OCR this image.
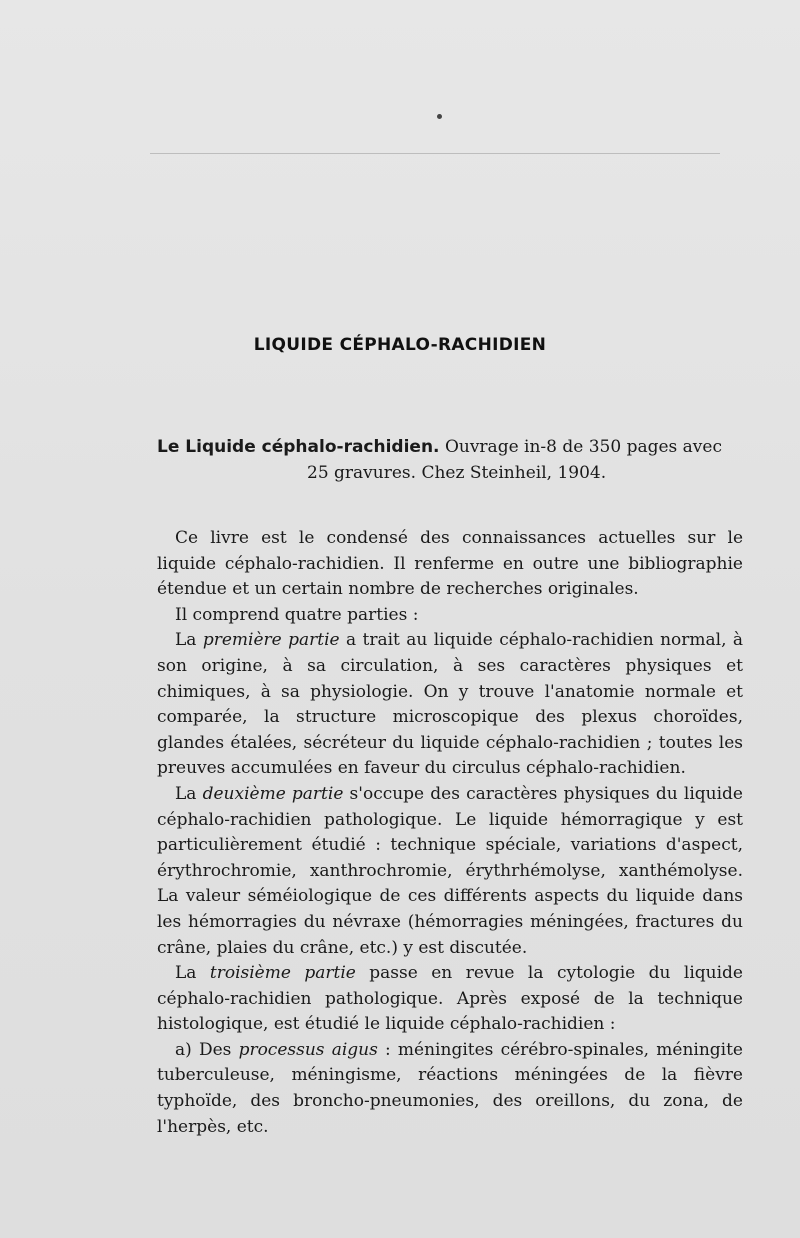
LIQUIDE CÉPHALO-RACHIDIEN
Le Liquide céphalo-rachidien. Ouvrage in-8 de 350 pages avec
25 gravures. Chez Steinheil, 1904.

Ce livre est le condensé des connaissances actuelles sur le liquide céphalo-rachidien. Il renferme en outre une bibliographie étendue et un certain nombre de recherches originales.

Il comprend quatre parties :

La première partie a trait au liquide céphalo-rachidien normal, à son origine, à sa circulation, à ses caractères physiques et chimiques, à sa physiologie. On y trouve l'anatomie normale et comparée, la structure microscopique des plexus choroïdes, glandes étalées, sécréteur du liquide céphalo-rachidien ; toutes les preuves accumulées en faveur du circulus céphalo-rachidien.

La deuxième partie s'occupe des caractères physiques du liquide céphalo-rachidien pathologique. Le liquide hémorragique y est particulièrement étudié : technique spéciale, variations d'aspect, érythrochromie, xanthrochromie, érythrhémolyse, xanthémolyse. La valeur séméiologique de ces différents aspects du liquide dans les hémorragies du névraxe (hémorragies méningées, fractures du crâne, plaies du crâne, etc.) y est discutée.

La troisième partie passe en revue la cytologie du liquide céphalo-rachidien pathologique. Après exposé de la technique histologique, est étudié le liquide céphalo-rachidien :

a) Des processus aigus : méningites cérébro-spinales, méningite tuberculeuse, méningisme, réactions méningées de la fièvre typhoïde, des broncho-pneumonies, des oreillons, du zona, de l'herpès, etc.
